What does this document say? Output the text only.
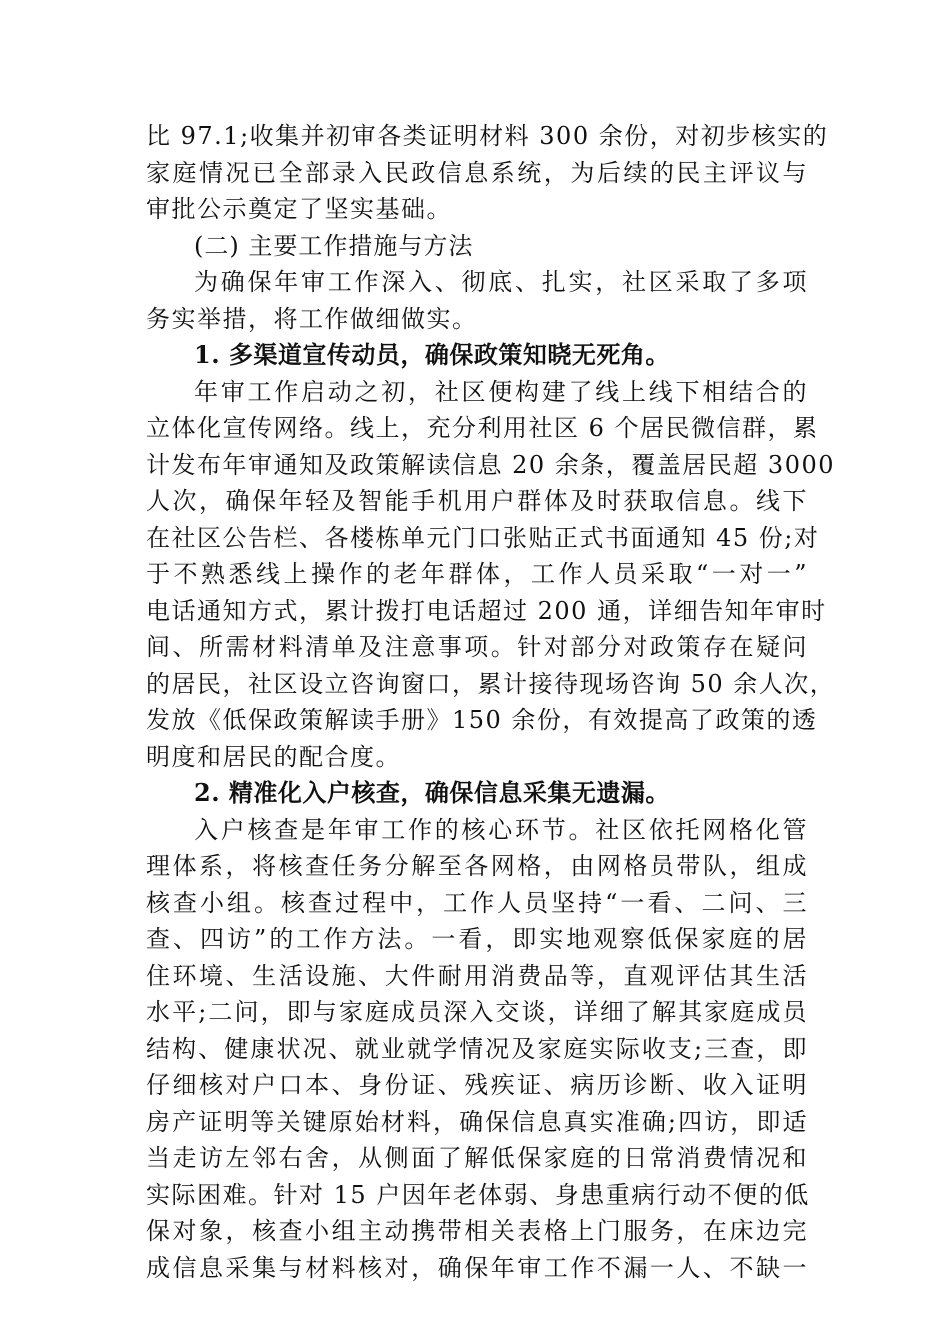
比 97.1;收集并初审各类证明材料 300 余份，对初步核实的
家庭情况已全部录入民政信息系统，为后续的民主评议与
审批公示奠定了坚实基础。
(二) 主要工作措施与方法
为确保年审工作深入、彻底、扎实，社区采取了多项
务实举措，将工作做细做实。
1. 多渠道宣传动员，确保政策知晓无死角。
年审工作启动之初，社区便构建了线上线下相结合的
立体化宣传网络。线上，充分利用社区 6 个居民微信群，累
计发布年审通知及政策解读信息 20 余条，覆盖居民超 3000
人次，确保年轻及智能手机用户群体及时获取信息。线下
在社区公告栏、各楼栋单元门口张贴正式书面通知 45 份;对
于不熟悉线上操作的老年群体，工作人员采取“一对一”
电话通知方式，累计拨打电话超过 200 通，详细告知年审时
间、所需材料清单及注意事项。针对部分对政策存在疑问
的居民，社区设立咨询窗口，累计接待现场咨询 50 余人次，
发放《低保政策解读手册》150 余份，有效提高了政策的透
明度和居民的配合度。
2. 精准化入户核查，确保信息采集无遗漏。
入户核查是年审工作的核心环节。社区依托网格化管
理体系，将核查任务分解至各网格，由网格员带队，组成
核查小组。核查过程中，工作人员坚持“一看、二问、三
查、四访”的工作方法。一看，即实地观察低保家庭的居
住环境、生活设施、大件耐用消费品等，直观评估其生活
水平;二问，即与家庭成员深入交谈，详细了解其家庭成员
结构、健康状况、就业就学情况及家庭实际收支;三查，即
仔细核对户口本、身份证、残疾证、病历诊断、收入证明
房产证明等关键原始材料，确保信息真实准确;四访，即适
当走访左邻右舍，从侧面了解低保家庭的日常消费情况和
实际困难。针对 15 户因年老体弱、身患重病行动不便的低
保对象，核查小组主动携带相关表格上门服务，在床边完
成信息采集与材料核对，确保年审工作不漏一人、不缺一
